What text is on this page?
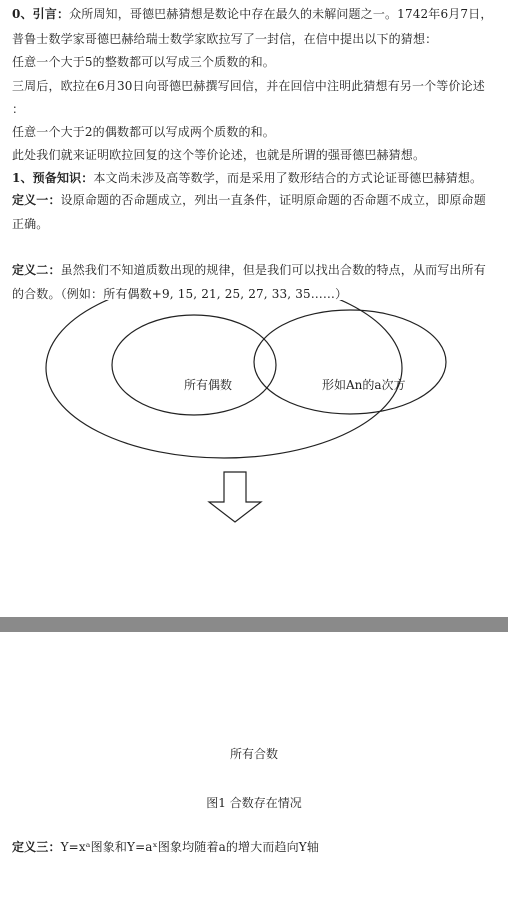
0、引言：众所周知，哥德巴赫猜想是数论中存在最久的未解问题之一。1742年6月7日，
普鲁士数学家哥德巴赫给瑞士数学家欧拉写了一封信，在信中提出以下的猜想：
任意一个大于5的整数都可以写成三个质数的和。
三周后，欧拉在6月30日向哥德巴赫撰写回信，并在回信中注明此猜想有另一个等价论述
：
任意一个大于2的偶数都可以写成两个质数的和。
此处我们就来证明欧拉回复的这个等价论述，也就是所谓的强哥德巴赫猜想。
1、预备知识：本文尚未涉及高等数学，而是采用了数形结合的方式论证哥德巴赫猜想。
定义一：设原命题的否命题成立，列出一直条件，证明原命题的否命题不成立，即原命题
正确。
定义二：虽然我们不知道质数出现的规律，但是我们可以找出合数的特点，从而写出所有
的合数。（例如：所有偶数+9, 15, 21, 25, 27, 33, 35……）
所有偶数	形如An的a次方
所有合数
图1 合数存在情况
定义三：Y=xᵃ图象和Y=aˣ图象均随着a的增大而趋向Y轴
